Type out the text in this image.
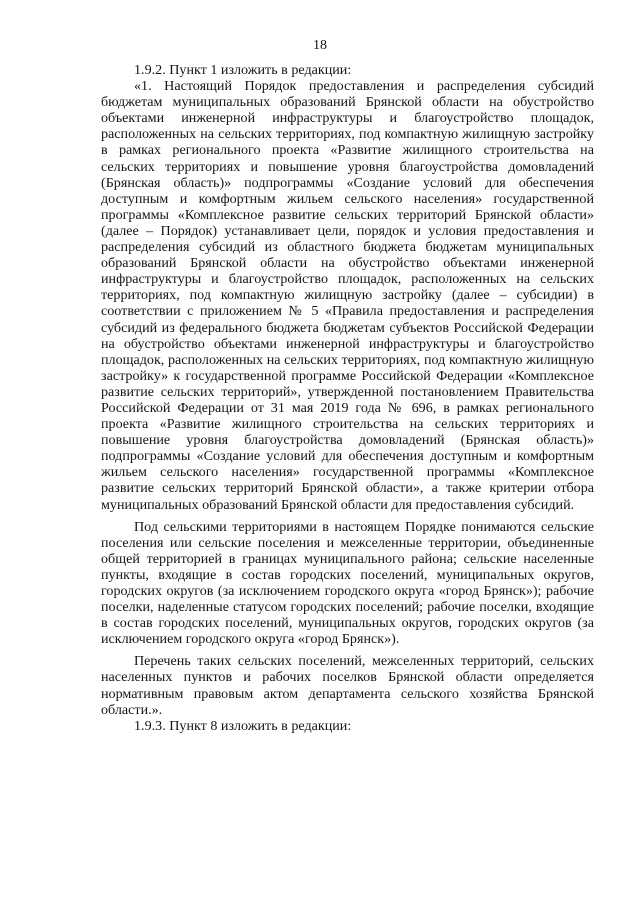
18

1.9.2. Пункт 1 изложить в редакции:

«1. Настоящий Порядок предоставления и распределения субсидий бюджетам муниципальных образований Брянской области на обустройство объектами инженерной инфраструктуры и благоустройство площадок, расположенных на сельских территориях, под компактную жилищную застройку в рамках регионального проекта «Развитие жилищного строительства на сельских территориях и повышение уровня благоустройства домовладений (Брянская область)» подпрограммы «Создание условий для обеспечения доступным и комфортным жильем сельского населения» государственной программы «Комплексное развитие сельских территорий Брянской области» (далее – Порядок) устанавливает цели, порядок и условия предоставления и распределения субсидий из областного бюджета бюджетам муниципальных образований Брянской области на обустройство объектами инженерной инфраструктуры и благоустройство площадок, расположенных на сельских территориях, под компактную жилищную застройку (далее – субсидии) в соответствии с приложением № 5 «Правила предоставления и распределения субсидий из федерального бюджета бюджетам субъектов Российской Федерации на обустройство объектами инженерной инфраструктуры и благоустройство площадок, расположенных на сельских территориях, под компактную жилищную застройку» к государственной программе Российской Федерации «Комплексное развитие сельских территорий», утвержденной постановлением Правительства Российской Федерации от 31 мая 2019 года № 696, в рамках регионального проекта «Развитие жилищного строительства на сельских территориях и повышение уровня благоустройства домовладений (Брянская область)» подпрограммы «Создание условий для обеспечения доступным и комфортным жильем сельского населения» государственной программы «Комплексное развитие сельских территорий Брянской области», а также критерии отбора муниципальных образований Брянской области для предоставления субсидий.

Под сельскими территориями в настоящем Порядке понимаются сельские поселения или сельские поселения и межселенные территории, объединенные общей территорией в границах муниципального района; сельские населенные пункты, входящие в состав городских поселений, муниципальных округов, городских округов (за исключением городского округа «город Брянск»); рабочие поселки, наделенные статусом городских поселений; рабочие поселки, входящие в состав городских поселений, муниципальных округов, городских округов (за исключением городского округа «город Брянск»).

Перечень таких сельских поселений, межселенных территорий, сельских населенных пунктов и рабочих поселков Брянской области определяется нормативным правовым актом департамента сельского хозяйства Брянской области.».

1.9.3. Пункт 8 изложить в редакции:
